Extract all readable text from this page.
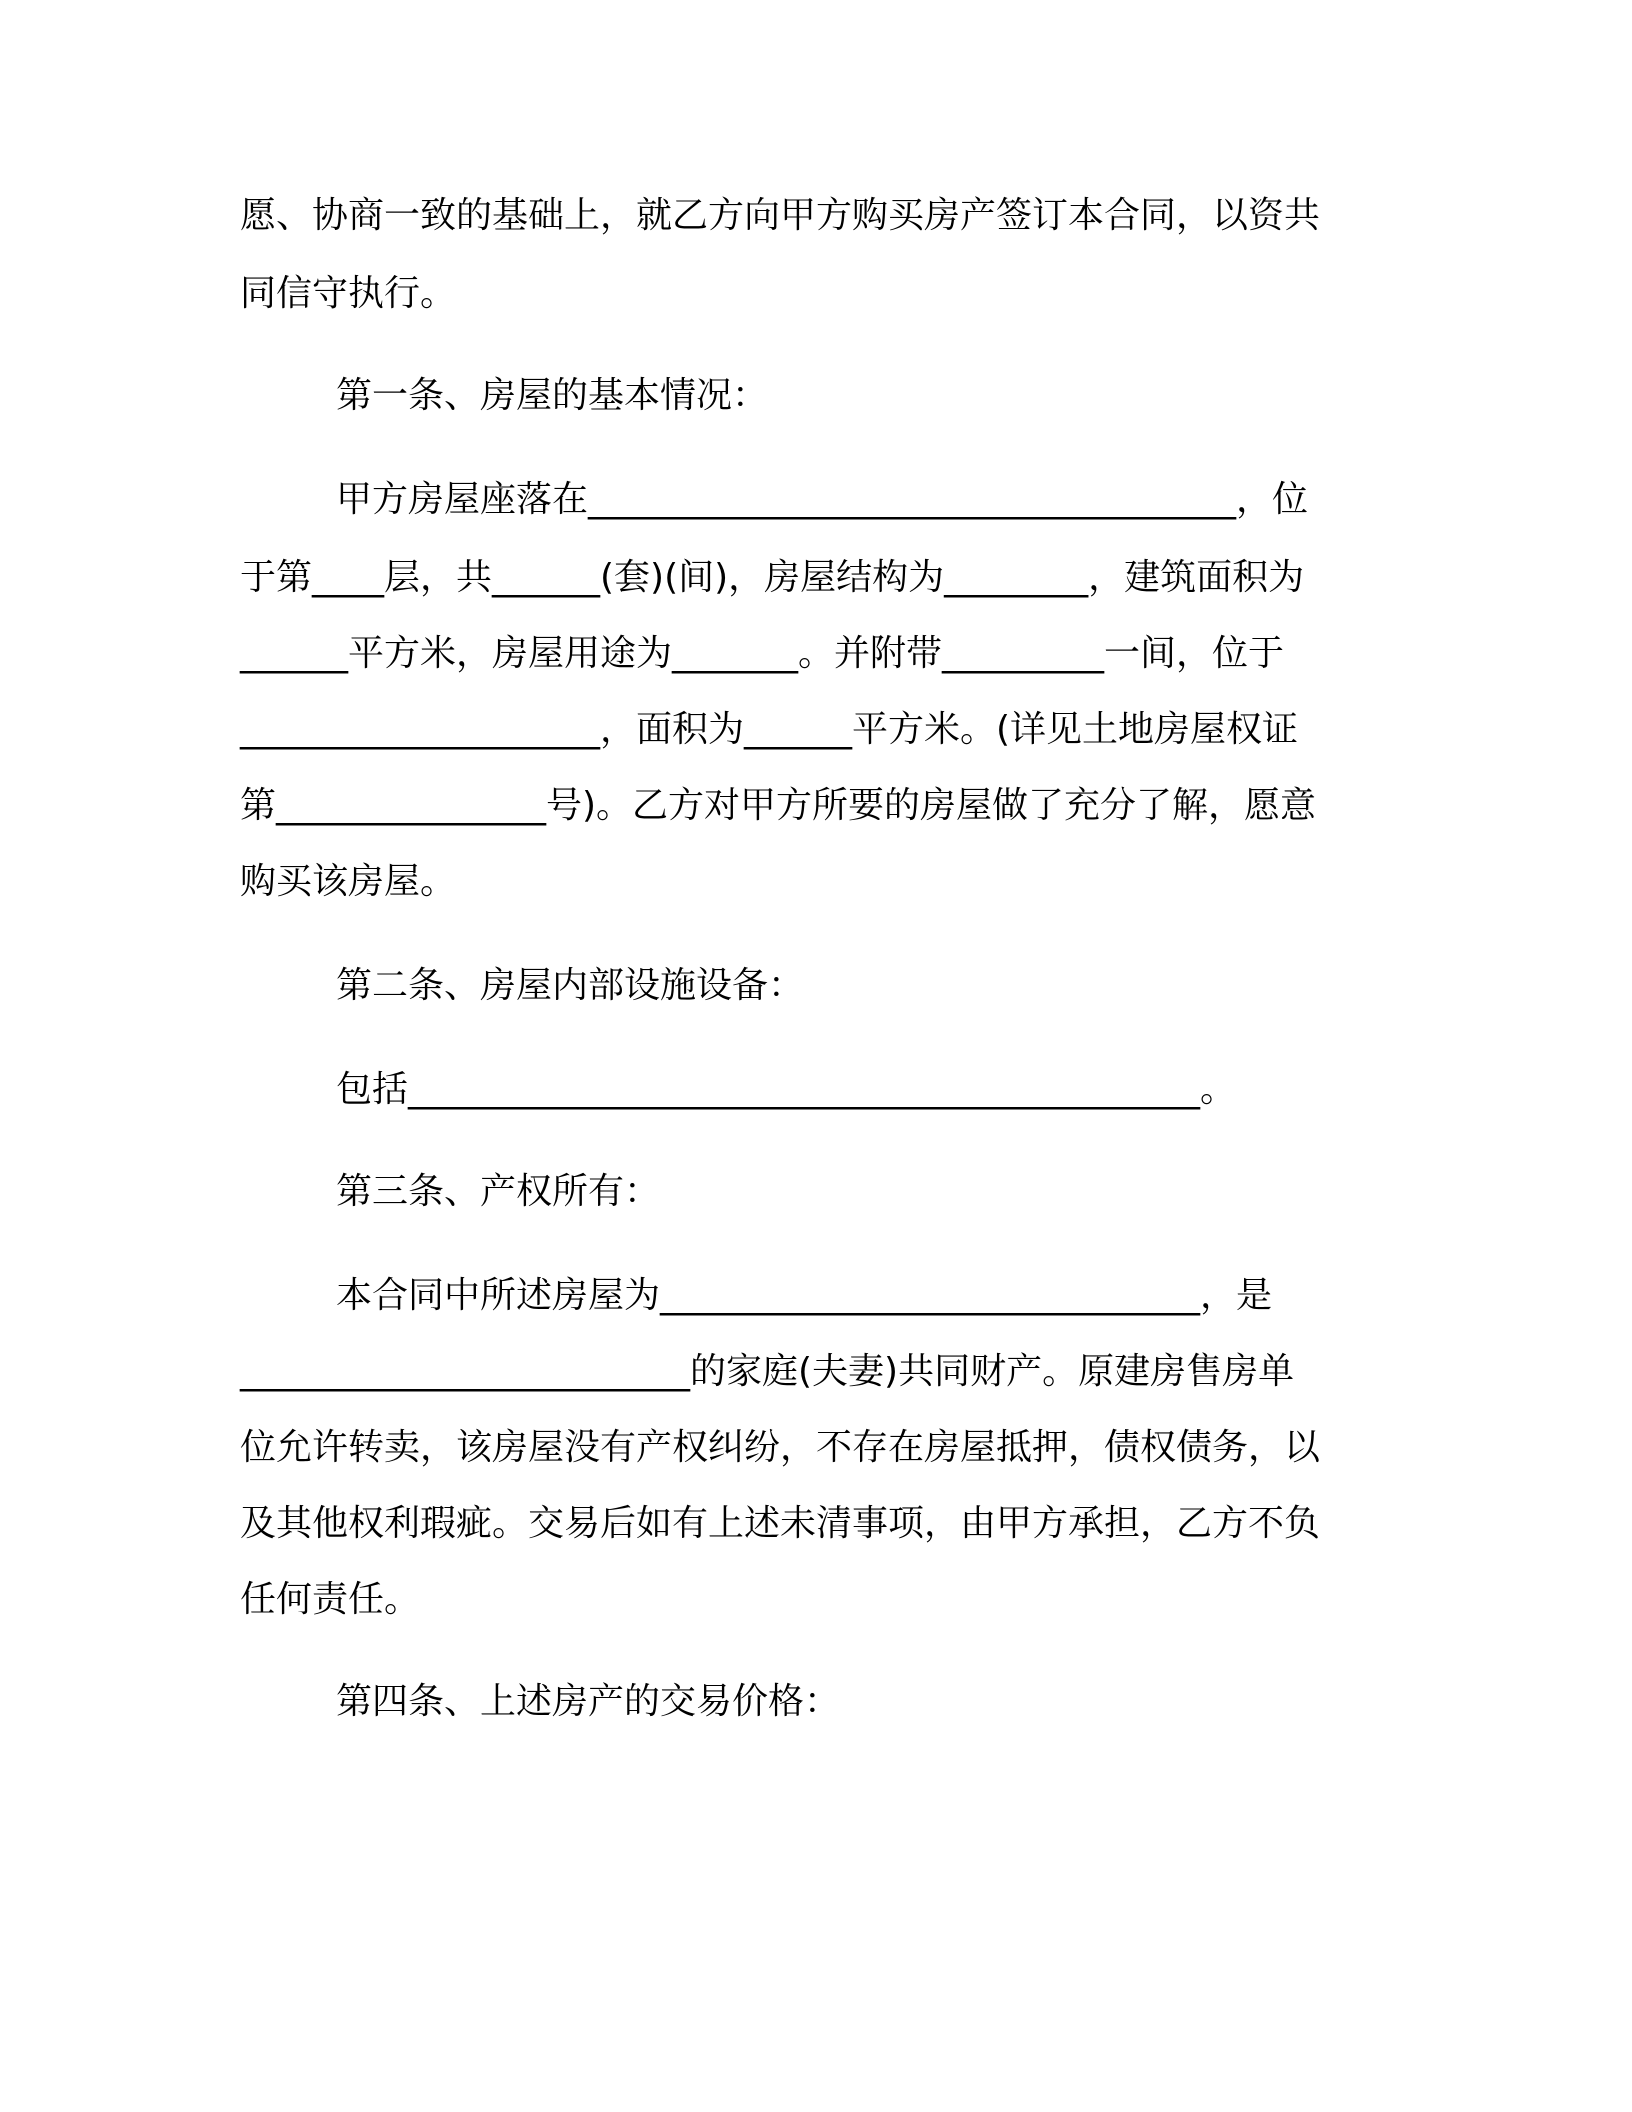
愿、协商一致的基础上，就乙方向甲方购买房产签订本合同，以资共
同信守执行。
第一条、房屋的基本情况：
甲方房屋座落在____________________________________，位
于第____层，共______(套)(间)，房屋结构为________，建筑面积为
______平方米，房屋用途为_______。并附带_________一间，位于
____________________，面积为______平方米。(详见土地房屋权证
第_______________号)。乙方对甲方所要的房屋做了充分了解，愿意
购买该房屋。
第二条、房屋内部设施设备：
包括____________________________________________。
第三条、产权所有：
本合同中所述房屋为______________________________，是
_________________________的家庭(夫妻)共同财产。原建房售房单
位允许转卖，该房屋没有产权纠纷，不存在房屋抵押，债权债务，以
及其他权利瑕疵。交易后如有上述未清事项，由甲方承担，乙方不负
任何责任。
第四条、上述房产的交易价格：
